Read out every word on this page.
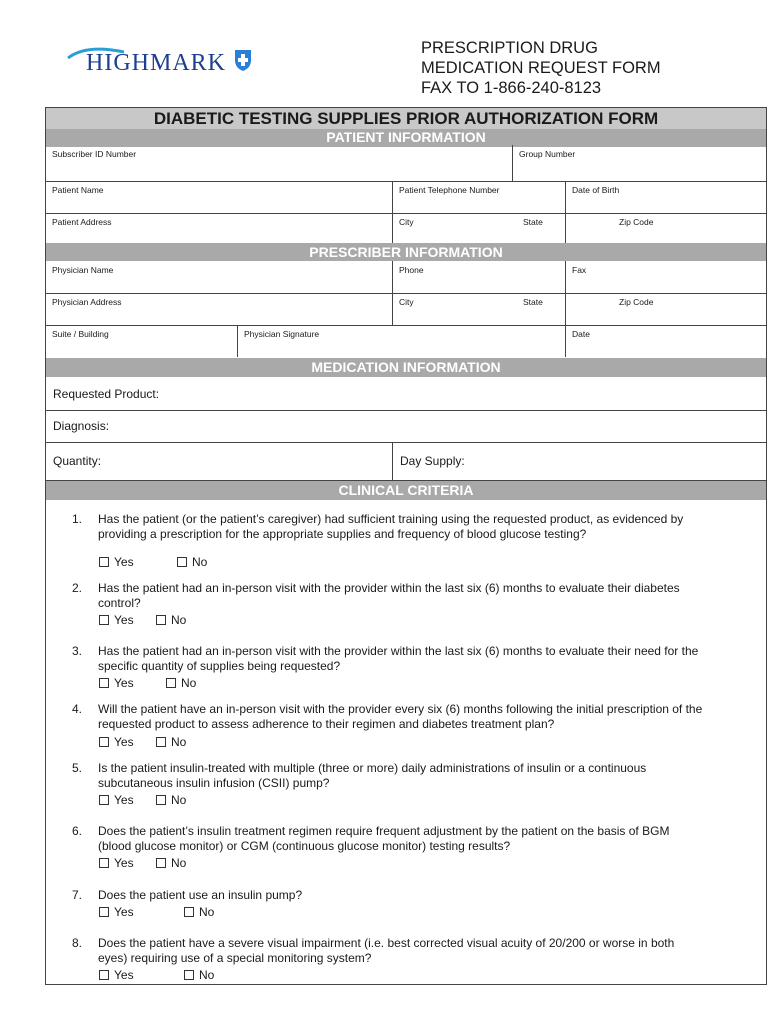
HIGHMARK
PRESCRIPTION DRUG
MEDICATION REQUEST FORM
FAX TO 1-866-240-8123
DIABETIC TESTING SUPPLIES PRIOR AUTHORIZATION FORM
PATIENT INFORMATION
Subscriber ID Number	Group Number
Patient Name	Patient Telephone Number	Date of Birth
Patient Address	City	State	Zip Code
PRESCRIBER INFORMATION
Physician Name	Phone	Fax
Physician Address	City	State	Zip Code
Suite / Building	Physician Signature	Date
MEDICATION INFORMATION
Requested Product:
Diagnosis:
Quantity:	Day Supply:
CLINICAL CRITERIA
1. Has the patient (or the patient’s caregiver) had sufficient training using the requested product, as evidenced by
providing a prescription for the appropriate supplies and frequency of blood glucose testing?
Yes	No
2. Has the patient had an in-person visit with the provider within the last six (6) months to evaluate their diabetes
control?
Yes	No
3. Has the patient had an in-person visit with the provider within the last six (6) months to evaluate their need for the
specific quantity of supplies being requested?
Yes	No
4. Will the patient have an in-person visit with the provider every six (6) months following the initial prescription of the
requested product to assess adherence to their regimen and diabetes treatment plan?
Yes	No
5. Is the patient insulin-treated with multiple (three or more) daily administrations of insulin or a continuous
subcutaneous insulin infusion (CSII) pump?
Yes	No
6. Does the patient’s insulin treatment regimen require frequent adjustment by the patient on the basis of BGM
(blood glucose monitor) or CGM (continuous glucose monitor) testing results?
Yes	No
7. Does the patient use an insulin pump?
Yes	No
8. Does the patient have a severe visual impairment (i.e. best corrected visual acuity of 20/200 or worse in both
eyes) requiring use of a special monitoring system?
Yes	No
